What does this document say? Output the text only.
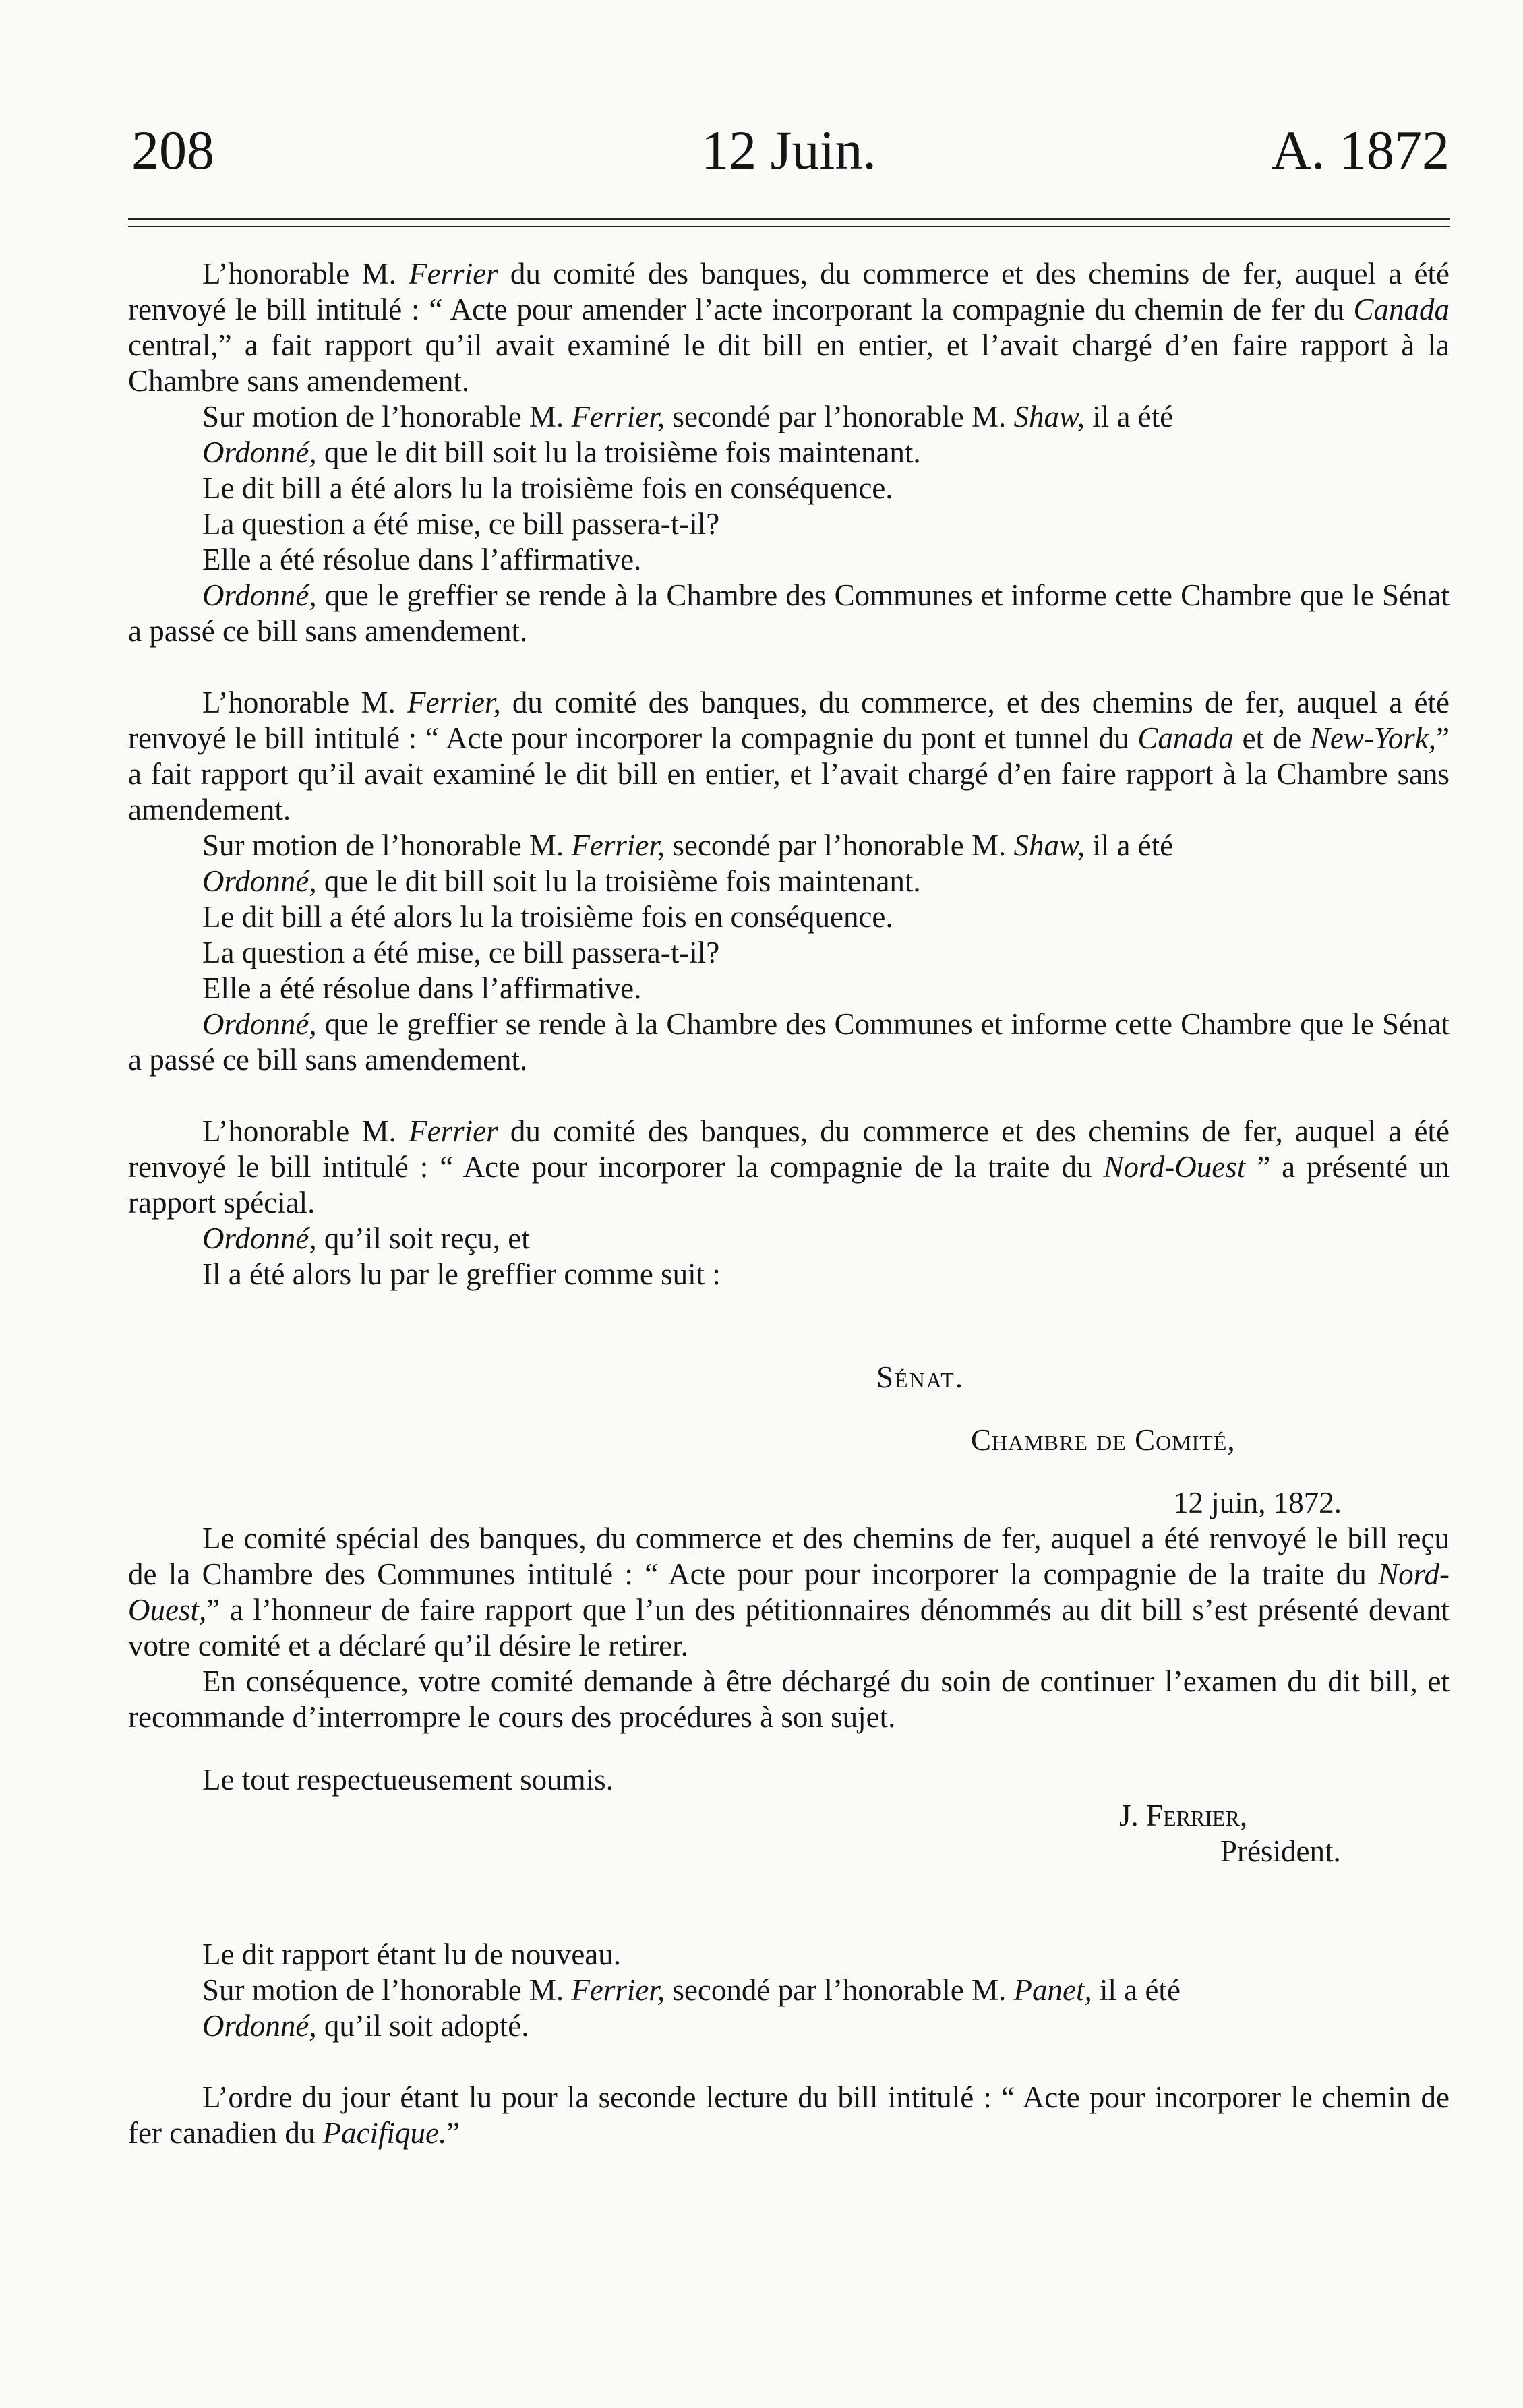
208	12 Juin.	A. 1872

L’honorable M. Ferrier du comité des banques, du commerce et des chemins de fer, auquel a été renvoyé le bill intitulé : “ Acte pour amender l’acte incorporant la compagnie du chemin de fer du Canada central,” a fait rapport qu’il avait examiné le dit bill en entier, et l’avait chargé d’en faire rapport à la Chambre sans amendement.

Sur motion de l’honorable M. Ferrier, secondé par l’honorable M. Shaw, il a été

Ordonné, que le dit bill soit lu la troisième fois maintenant.

Le dit bill a été alors lu la troisième fois en conséquence.

La question a été mise, ce bill passera-t-il?

Elle a été résolue dans l’affirmative.

Ordonné, que le greffier se rende à la Chambre des Communes et informe cette Chambre que le Sénat a passé ce bill sans amendement.

L’honorable M. Ferrier, du comité des banques, du commerce, et des chemins de fer, auquel a été renvoyé le bill intitulé : “ Acte pour incorporer la compagnie du pont et tunnel du Canada et de New-York,” a fait rapport qu’il avait examiné le dit bill en entier, et l’avait chargé d’en faire rapport à la Chambre sans amendement.

Sur motion de l’honorable M. Ferrier, secondé par l’honorable M. Shaw, il a été

Ordonné, que le dit bill soit lu la troisième fois maintenant.

Le dit bill a été alors lu la troisième fois en conséquence.

La question a été mise, ce bill passera-t-il?

Elle a été résolue dans l’affirmative.

Ordonné, que le greffier se rende à la Chambre des Communes et informe cette Chambre que le Sénat a passé ce bill sans amendement.

L’honorable M. Ferrier du comité des banques, du commerce et des chemins de fer, auquel a été renvoyé le bill intitulé : “ Acte pour incorporer la compagnie de la traite du Nord-Ouest ” a présenté un rapport spécial.

Ordonné, qu’il soit reçu, et

Il a été alors lu par le greffier comme suit :

Sénat.

Chambre de Comité,

12 juin, 1872.

Le comité spécial des banques, du commerce et des chemins de fer, auquel a été renvoyé le bill reçu de la Chambre des Communes intitulé : “ Acte pour pour incorporer la compagnie de la traite du Nord-Ouest,” a l’honneur de faire rapport que l’un des pétitionnaires dénommés au dit bill s’est présenté devant votre comité et a déclaré qu’il désire le retirer.

En conséquence, votre comité demande à être déchargé du soin de continuer l’examen du dit bill, et recommande d’interrompre le cours des procédures à son sujet.

Le tout respectueusement soumis.

J. Ferrier,

Président.

Le dit rapport étant lu de nouveau.

Sur motion de l’honorable M. Ferrier, secondé par l’honorable M. Panet, il a été

Ordonné, qu’il soit adopté.

L’ordre du jour étant lu pour la seconde lecture du bill intitulé : “ Acte pour incorporer le chemin de fer canadien du Pacifique.”
